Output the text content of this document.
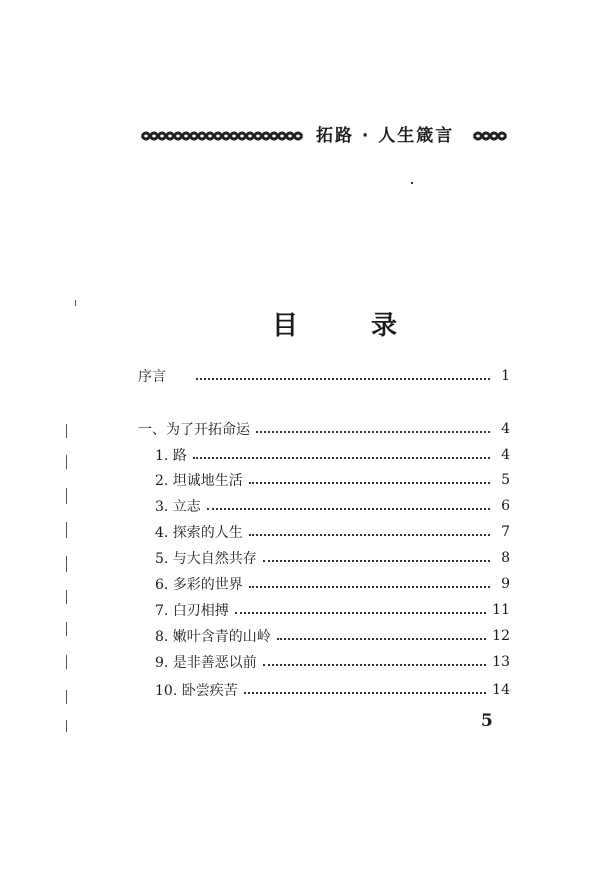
拓路 · 人生箴言
目 录
序言	1
一、为了开拓命运	4
1. 路	4
2. 坦诚地生活	5
3. 立志	6
4. 探索的人生	7
5. 与大自然共存	8
6. 多彩的世界	9
7. 白刃相搏	11
8. 嫩叶含青的山岭	12
9. 是非善恶以前	13
10. 卧尝疾苦	14
5
